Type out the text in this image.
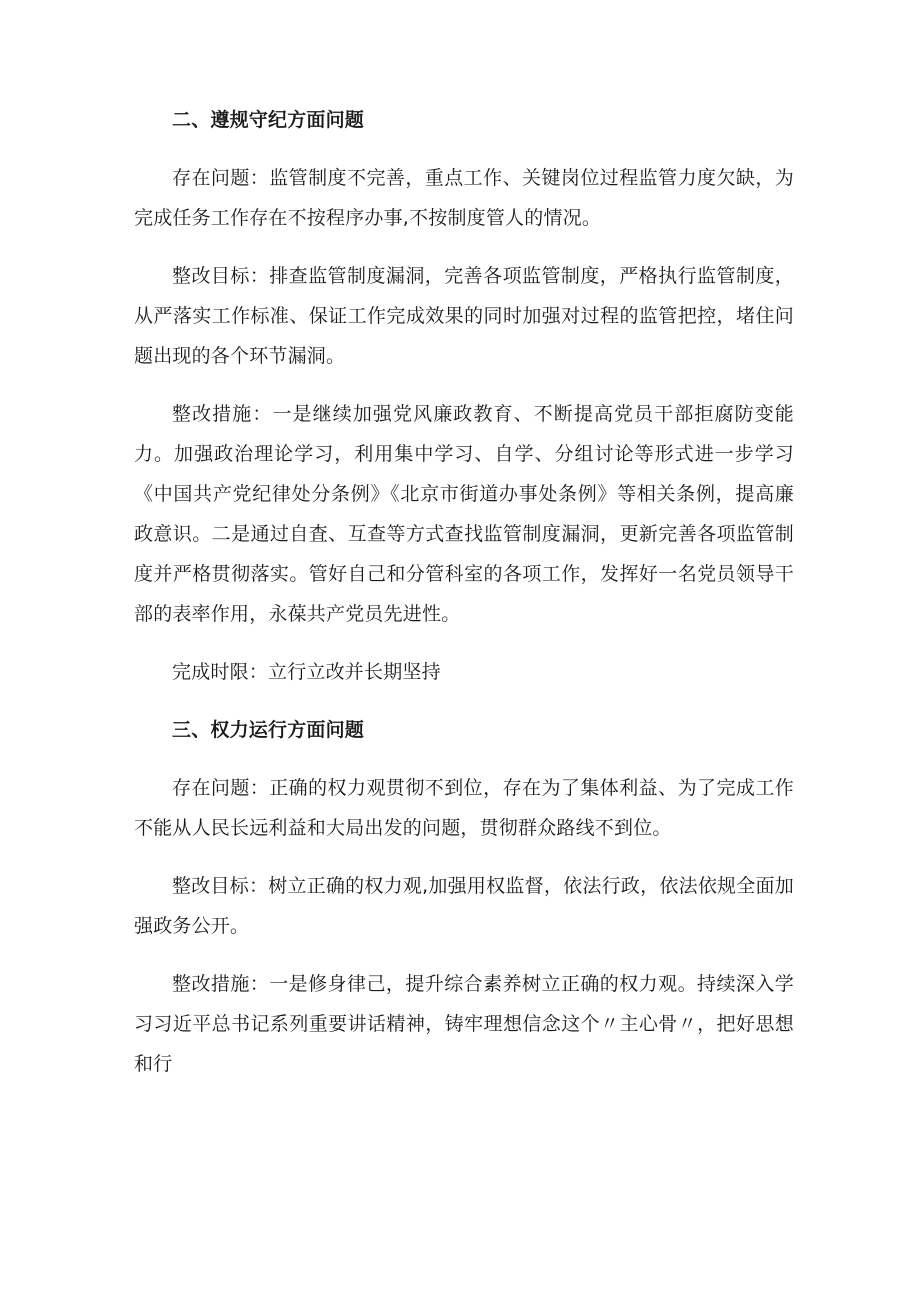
二、遵规守纪方面问题

存在问题：监管制度不完善，重点工作、关键岗位过程监管力度欠缺，为完成任务工作存在不按程序办事,不按制度管人的情况。

整改目标：排查监管制度漏洞，完善各项监管制度，严格执行监管制度，从严落实工作标准、保证工作完成效果的同时加强对过程的监管把控，堵住问题出现的各个环节漏洞。

整改措施：一是继续加强党风廉政教育、不断提高党员干部拒腐防变能力。加强政治理论学习，利用集中学习、自学、分组讨论等形式进一步学习《中国共产党纪律处分条例》《北京市街道办事处条例》等相关条例，提高廉政意识。二是通过自査、互查等方式查找监管制度漏洞，更新完善各项监管制度并严格贯彻落实。管好自己和分管科室的各项工作，发挥好一名党员领导干部的表率作用，永葆共产党员先进性。

完成时限：立行立改并长期坚持

三、权力运行方面问题

存在问题：正确的权力观贯彻不到位，存在为了集体利益、为了完成工作不能从人民长远利益和大局出发的问题，贯彻群众路线不到位。

整改目标：树立正确的权力观,加强用权监督，依法行政，依法依规全面加强政务公开。

整改措施：一是修身律己，提升综合素养树立正确的权力观。持续深入学习习近平总书记系列重要讲话精神，铸牢理想信念这个〃主心骨〃，把好思想和行
